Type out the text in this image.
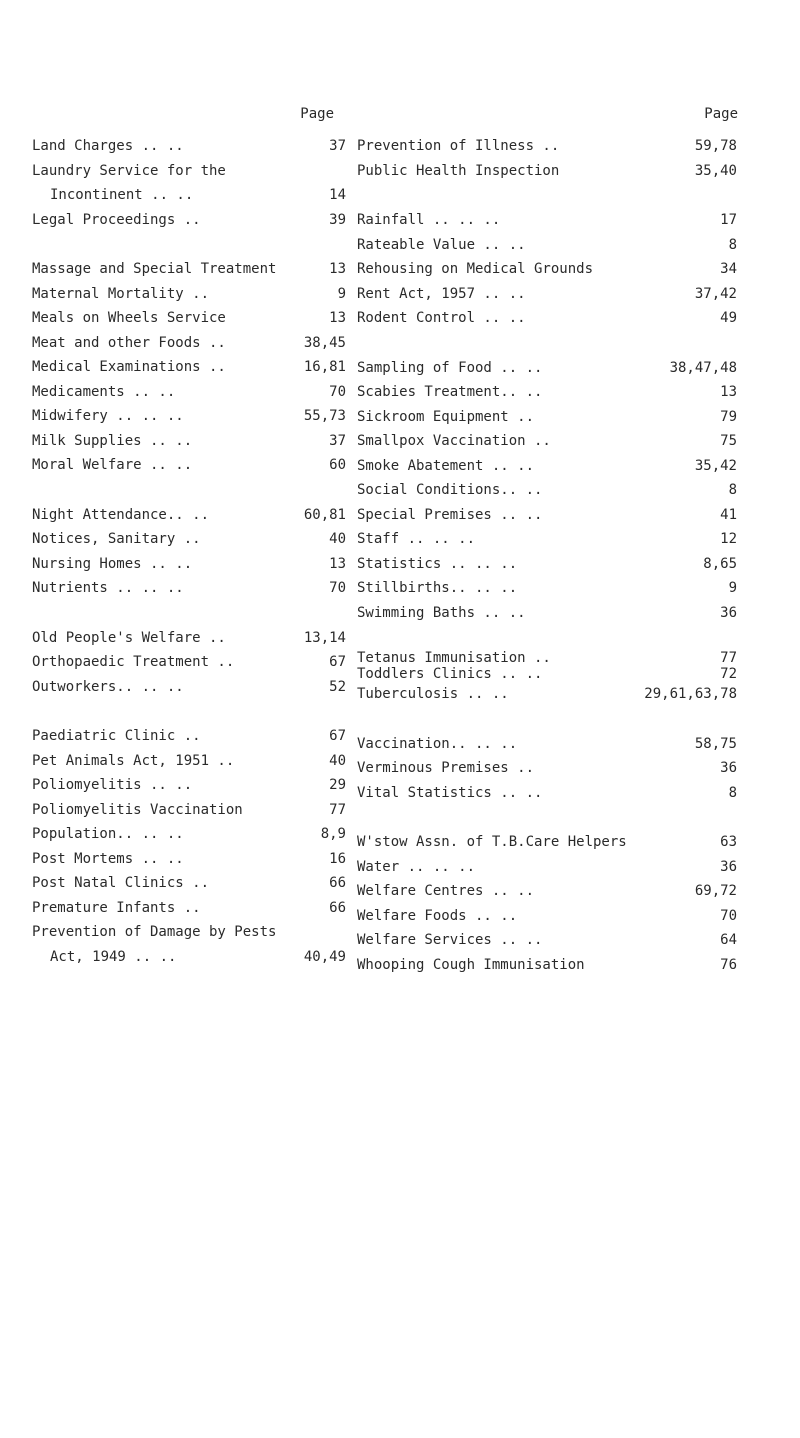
Page	Page
Land Charges .. ..	37
Laundry Service for the
Incontinent .. ..	14
Legal Proceedings ..	39
Massage and Special Treatment	13
Maternal Mortality ..	9
Meals on Wheels Service	13
Meat and other Foods ..	38,45
Medical Examinations ..	16,81
Medicaments .. ..	70
Midwifery .. .. ..	55,73
Milk Supplies .. ..	37
Moral Welfare .. ..	60
Night Attendance.. ..	60,81
Notices, Sanitary ..	40
Nursing Homes .. ..	13
Nutrients .. .. ..	70
Old People's Welfare ..	13,14
Orthopaedic Treatment ..	67
Outworkers.. .. ..	52
Paediatric Clinic ..	67
Pet Animals Act, 1951 ..	40
Poliomyelitis .. ..	29
Poliomyelitis Vaccination	77
Population.. .. ..	8,9
Post Mortems .. ..	16
Post Natal Clinics ..	66
Premature Infants ..	66
Prevention of Damage by Pests
Act, 1949 .. ..	40,49
Prevention of Illness ..	59,78
Public Health Inspection	35,40
Rainfall .. .. ..	17
Rateable Value .. ..	8
Rehousing on Medical Grounds	34
Rent Act, 1957 .. ..	37,42
Rodent Control .. ..	49
Sampling of Food .. ..	38,47,48
Scabies Treatment.. ..	13
Sickroom Equipment ..	79
Smallpox Vaccination ..	75
Smoke Abatement .. ..	35,42
Social Conditions.. ..	8
Special Premises .. ..	41
Staff .. .. ..	12
Statistics .. .. ..	8,65
Stillbirths.. .. ..	9
Swimming Baths .. ..	36
Tetanus Immunisation ..	77
Toddlers Clinics .. ..	72
Tuberculosis .. ..	29,61,63,78
Vaccination.. .. ..	58,75
Verminous Premises ..	36
Vital Statistics .. ..	8
W'stow Assn. of T.B.Care Helpers	63
Water .. .. ..	36
Welfare Centres .. ..	69,72
Welfare Foods .. ..	70
Welfare Services .. ..	64
Whooping Cough Immunisation	76
